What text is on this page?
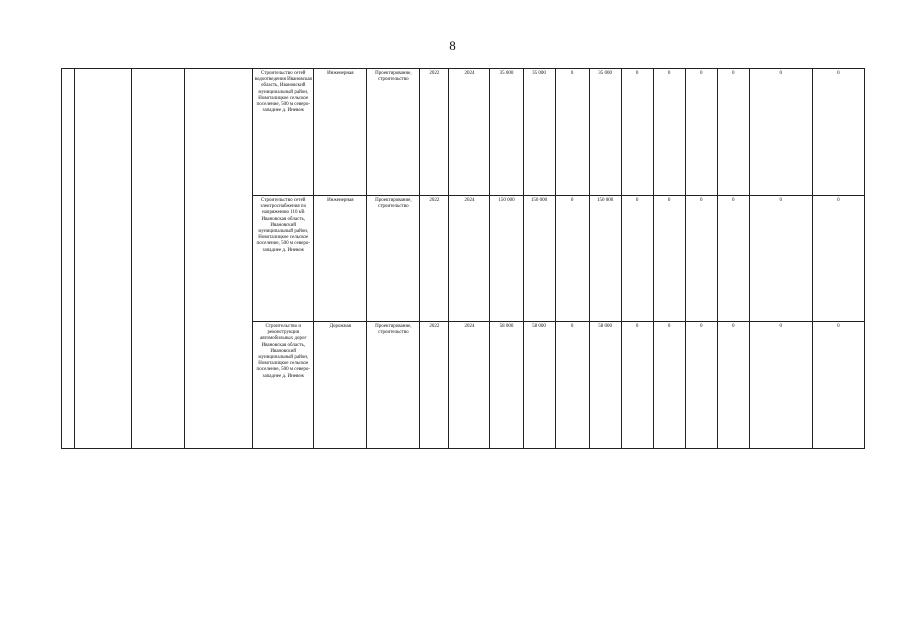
8
				Строительство сетей водоотведения Ивановская область, Ивановский муниципальный район, Новоталицкое сельское поселение, 500 м северо-западнее д. Иневеж	Инженерная	Проектирование, строительство	2022	2024	35 000	35 000	0	35 000	0	0	0	0	0	0
				Строительство сетей электроснабжения по напряжению 110 кВ Ивановская область, Ивановский муниципальный район, Новоталицкое сельское поселение, 500 м северо-западнее д. Иневеж	Инженерная	Проектирование, строительство	2022	2024	150 000	150 000	0	150 000	0	0	0	0	0	0
				Строительство и реконструкция автомобильных дорог Ивановская область, Ивановский муниципальный район, Новоталицкое сельское поселение, 500 м северо-западнее д. Иневеж	Дорожная	Проектирование, строительство	2022	2024	58 000	58 000	0	58 000	0	0	0	0	0	0
